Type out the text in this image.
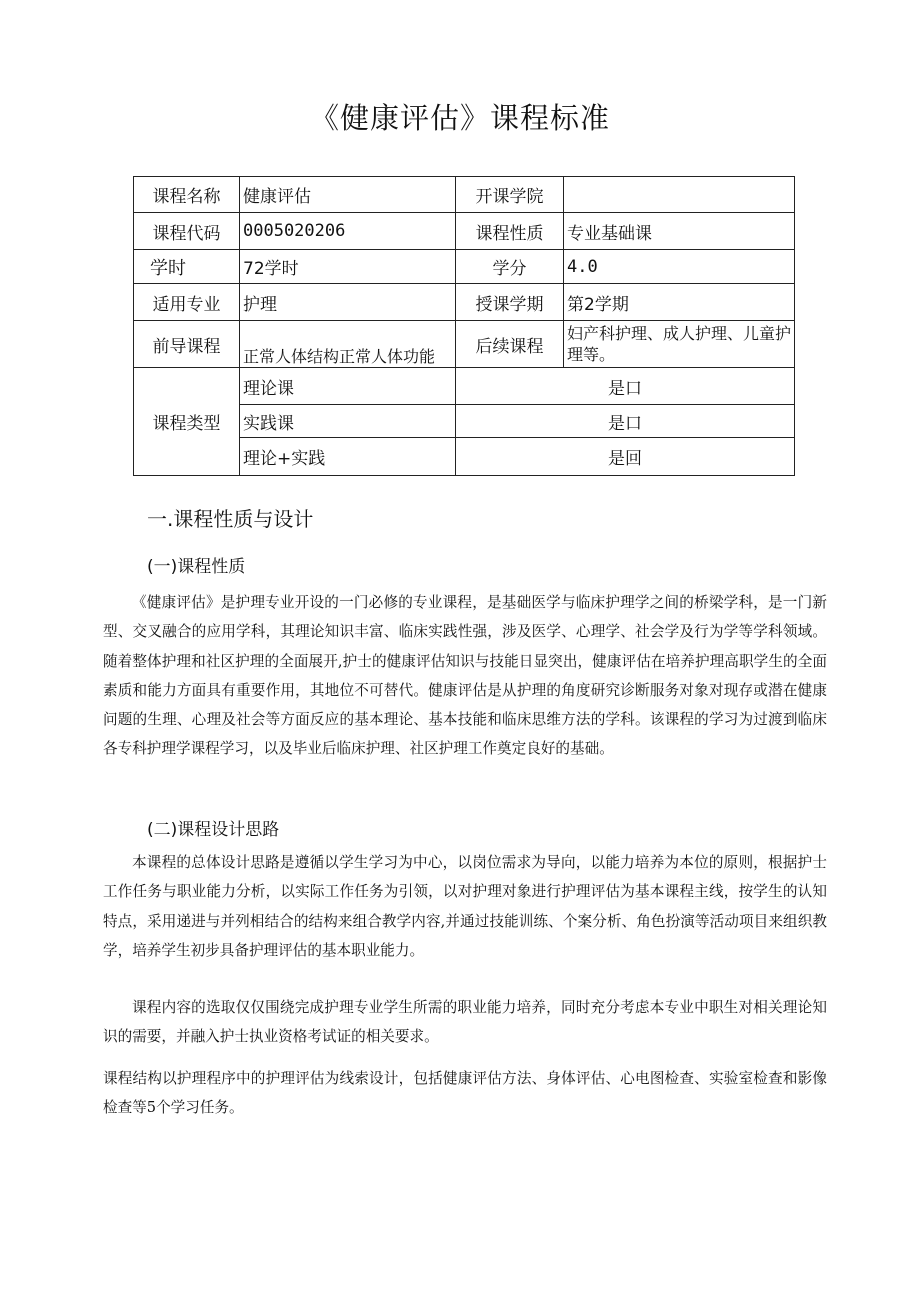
《健康评估》课程标准
课程名称	健康评估	开课学院	
课程代码	0005020206	课程性质	专业基础课
学时	72学时	学分	4.0
适用专业	护理	授课学期	第2学期
前导课程	正常人体结构正常人体功能	后续课程	妇产科护理、成人护理、儿童护理等。
课程类型	理论课	是口	
	实践课	是口	
	理论+实践	是回	
一.课程性质与设计
(一)课程性质
《健康评估》是护理专业开设的一门必修的专业课程，是基础医学与临床护理学之间的桥梁学科，是一门新型、交叉融合的应用学科，其理论知识丰富、临床实践性强，涉及医学、心理学、社会学及行为学等学科领域。随着整体护理和社区护理的全面展开,护士的健康评估知识与技能日显突出，健康评估在培养护理高职学生的全面素质和能力方面具有重要作用，其地位不可替代。健康评估是从护理的角度研究诊断服务对象对现存或潜在健康问题的生理、心理及社会等方面反应的基本理论、基本技能和临床思维方法的学科。该课程的学习为过渡到临床各专科护理学课程学习，以及毕业后临床护理、社区护理工作奠定良好的基础。
(二)课程设计思路
本课程的总体设计思路是遵循以学生学习为中心，以岗位需求为导向，以能力培养为本位的原则，根据护士工作任务与职业能力分析，以实际工作任务为引领，以对护理对象进行护理评估为基本课程主线，按学生的认知特点，采用递进与并列相结合的结构来组合教学内容,并通过技能训练、个案分析、角色扮演等活动项目来组织教学，培养学生初步具备护理评估的基本职业能力。
课程内容的选取仅仅围绕完成护理专业学生所需的职业能力培养，同时充分考虑本专业中职生对相关理论知识的需要，并融入护士执业资格考试证的相关要求。
课程结构以护理程序中的护理评估为线索设计，包括健康评估方法、身体评估、心电图检查、实验室检查和影像检查等5个学习任务。
